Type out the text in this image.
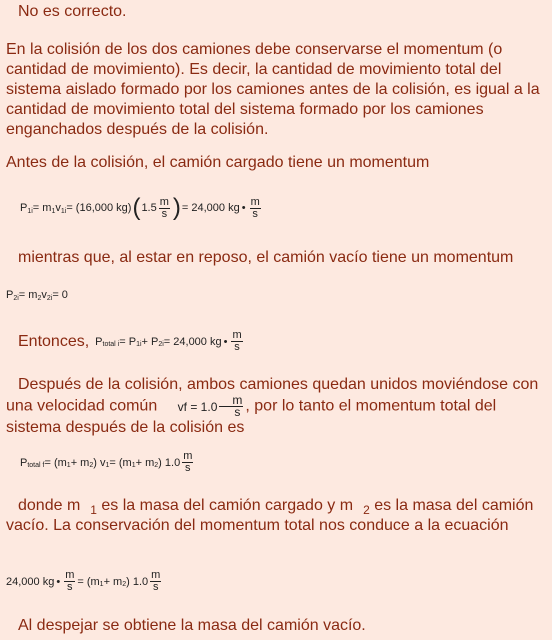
No es correcto.

En la colisión de los dos camiones debe conservarse el momentum (o cantidad de movimiento). Es decir, la cantidad de movimiento total del sistema aislado formado por los camiones antes de la colisión, es igual a la cantidad de movimiento total del sistema formado por los camiones enganchados después de la colisión.

Antes de la colisión, el camión cargado tiene un momentum

P 1i = m 1 v 1i = (16,000 kg) ( $1.5 \frac{m}{s}$ ) = 24,000 kg • $\frac{m}{s}$

mientras que, al estar en reposo, el camión vacío tiene un momentum

P 2i = m 2 v 2i = 0
Entonces, P total i = P 1i + P 2i = 24,000 kg • $\frac{m}{s}$
Después de la colisión, ambos camiones quedan unidos moviéndose con una velocidad común	vf = $1.0 \frac{m}{s}$ , por lo tanto el momentum total del sistema después de la colisión es
P total f = (m 1 + m 2 ) v 1 = (m 1 + m 2 ) $1.0 \frac{m}{s}$
donde m $_1$ es la masa del camión cargado y m $_2$ es la masa del camión vacío. La conservación del momentum total nos conduce a la ecuación
24,000 kg • $\frac{m}{s} = (m$ 1 + m 2 ) $1.0 \frac{m}{s}$

Al despejar se obtiene la masa del camión vacío.
